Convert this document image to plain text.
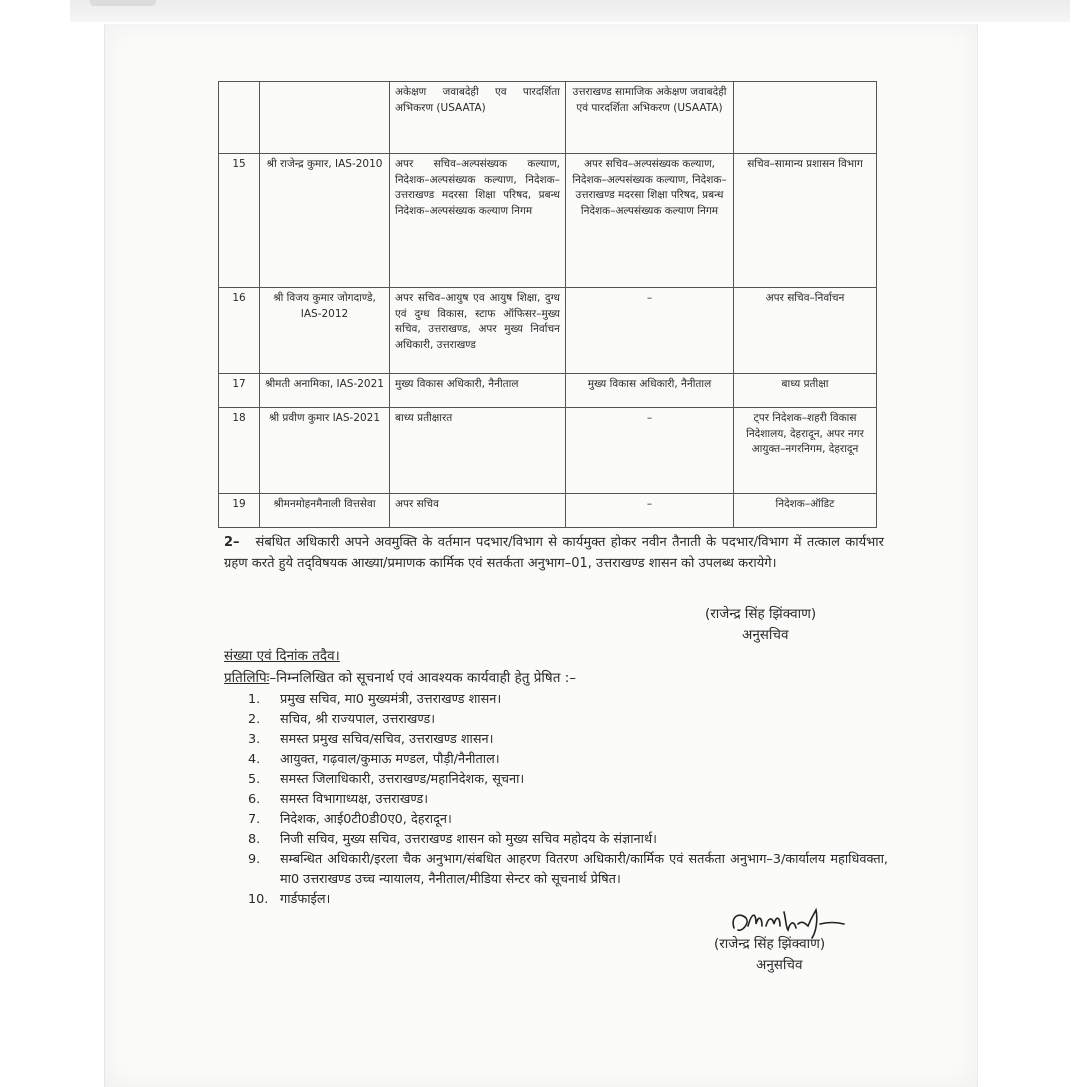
		अकेक्षण जवाबदेही एव पारदर्शिता अभिकरण (USAATA)	उत्तराखण्ड सामाजिक अकेक्षण जवाबदेही एवं पारदर्शिता अभिकरण (USAATA)	
15	श्री राजेन्द्र कुमार, IAS-2010	अपर सचिव–अल्पसंख्यक कल्याण, निदेशक–अल्पसंख्यक कल्याण, निदेशक–उत्तराखण्ड मदरसा शिक्षा परिषद, प्रबन्ध निदेशक–अल्पसंख्यक कल्याण निगम	अपर सचिव–अल्पसंख्यक कल्याण, निदेशक–अल्पसंख्यक कल्याण, निदेशक–उत्तराखण्ड मदरसा शिक्षा परिषद, प्रबन्ध निदेशक–अल्पसंख्यक कल्याण निगम	सचिव–सामान्य प्रशासन विभाग
16	श्री विजय कुमार जोगदाण्डे, IAS-2012	अपर सचिव–आयुष एव आयुष शिक्षा, दुग्ध एवं दुग्ध विकास, स्टाफ ऑफिसर–मुख्य सचिव, उत्तराखण्ड, अपर मुख्य निर्वाचन अधिकारी, उत्तराखण्ड	–	अपर सचिव–निर्वाचन
17	श्रीमती अनामिका, IAS-2021	मुख्य विकास अधिकारी, नैनीताल	मुख्य विकास अधिकारी, नैनीताल	बाध्य प्रतीक्षा
18	श्री प्रवीण कुमार IAS-2021	बाध्य प्रतीक्षारत	–	ट्पर निदेशक–शहरी विकास निदेशालय, देहरादून, अपर नगर आयुक्त–नगरनिगम, देहरादून
19	श्रीमनमोहनमैनाली वित्तसेवा	अपर सचिव	–	निदेशक–ऑडिट
2– संबधित अधिकारी अपने अवमुक्ति के वर्तमान पदभार/विभाग से कार्यमुक्त होकर नवीन तैनाती के पदभार/विभाग में तत्काल कार्यभार ग्रहण करते हुये तद्‌विषयक आख्या/प्रमाणक कार्मिक एवं सतर्कता अनुभाग–01, उत्तराखण्ड शासन को उपलब्ध करायेगे।
(राजेन्द्र सिंह झिंक्वाण)
अनुसचिव
संख्या एवं दिनांक तदैव।
प्रतिलिपिः–निम्नलिखित को सूचनार्थ एवं आवश्यक कार्यवाही हेतु प्रेषित :–
1.	प्रमुख सचिव, मा0 मुख्यमंत्री, उत्तराखण्ड शासन।
2.	सचिव, श्री राज्यपाल, उत्तराखण्ड।
3.	समस्त प्रमुख सचिव/सचिव, उत्तराखण्ड शासन।
4.	आयुक्त, गढ़वाल/कुमाऊ मण्डल, पौड़ी/नैनीताल।
5.	समस्त जिलाधिकारी, उत्तराखण्ड/महानिदेशक, सूचना।
6.	समस्त विभागाध्यक्ष, उत्तराखण्ड।
7.	निदेशक, आई0टी0डी0ए0, देहरादून।
8.	निजी सचिव, मुख्य सचिव, उत्तराखण्ड शासन को मुख्य सचिव महोदय के संज्ञानार्थ।
9.	सम्बन्धित अधिकारी/इरला चैक अनुभाग/संबधित आहरण वितरण अधिकारी/कार्मिक एवं सतर्कता अनुभाग–3/कार्यालय महाधिवक्ता, मा0 उत्तराखण्ड उच्च न्यायालय, नैनीताल/मीडिया सेन्टर को सूचनार्थ प्रेषित।
10. गार्डफाईल।
(राजेन्द्र सिंह झिंक्वाण)
अनुसचिव
